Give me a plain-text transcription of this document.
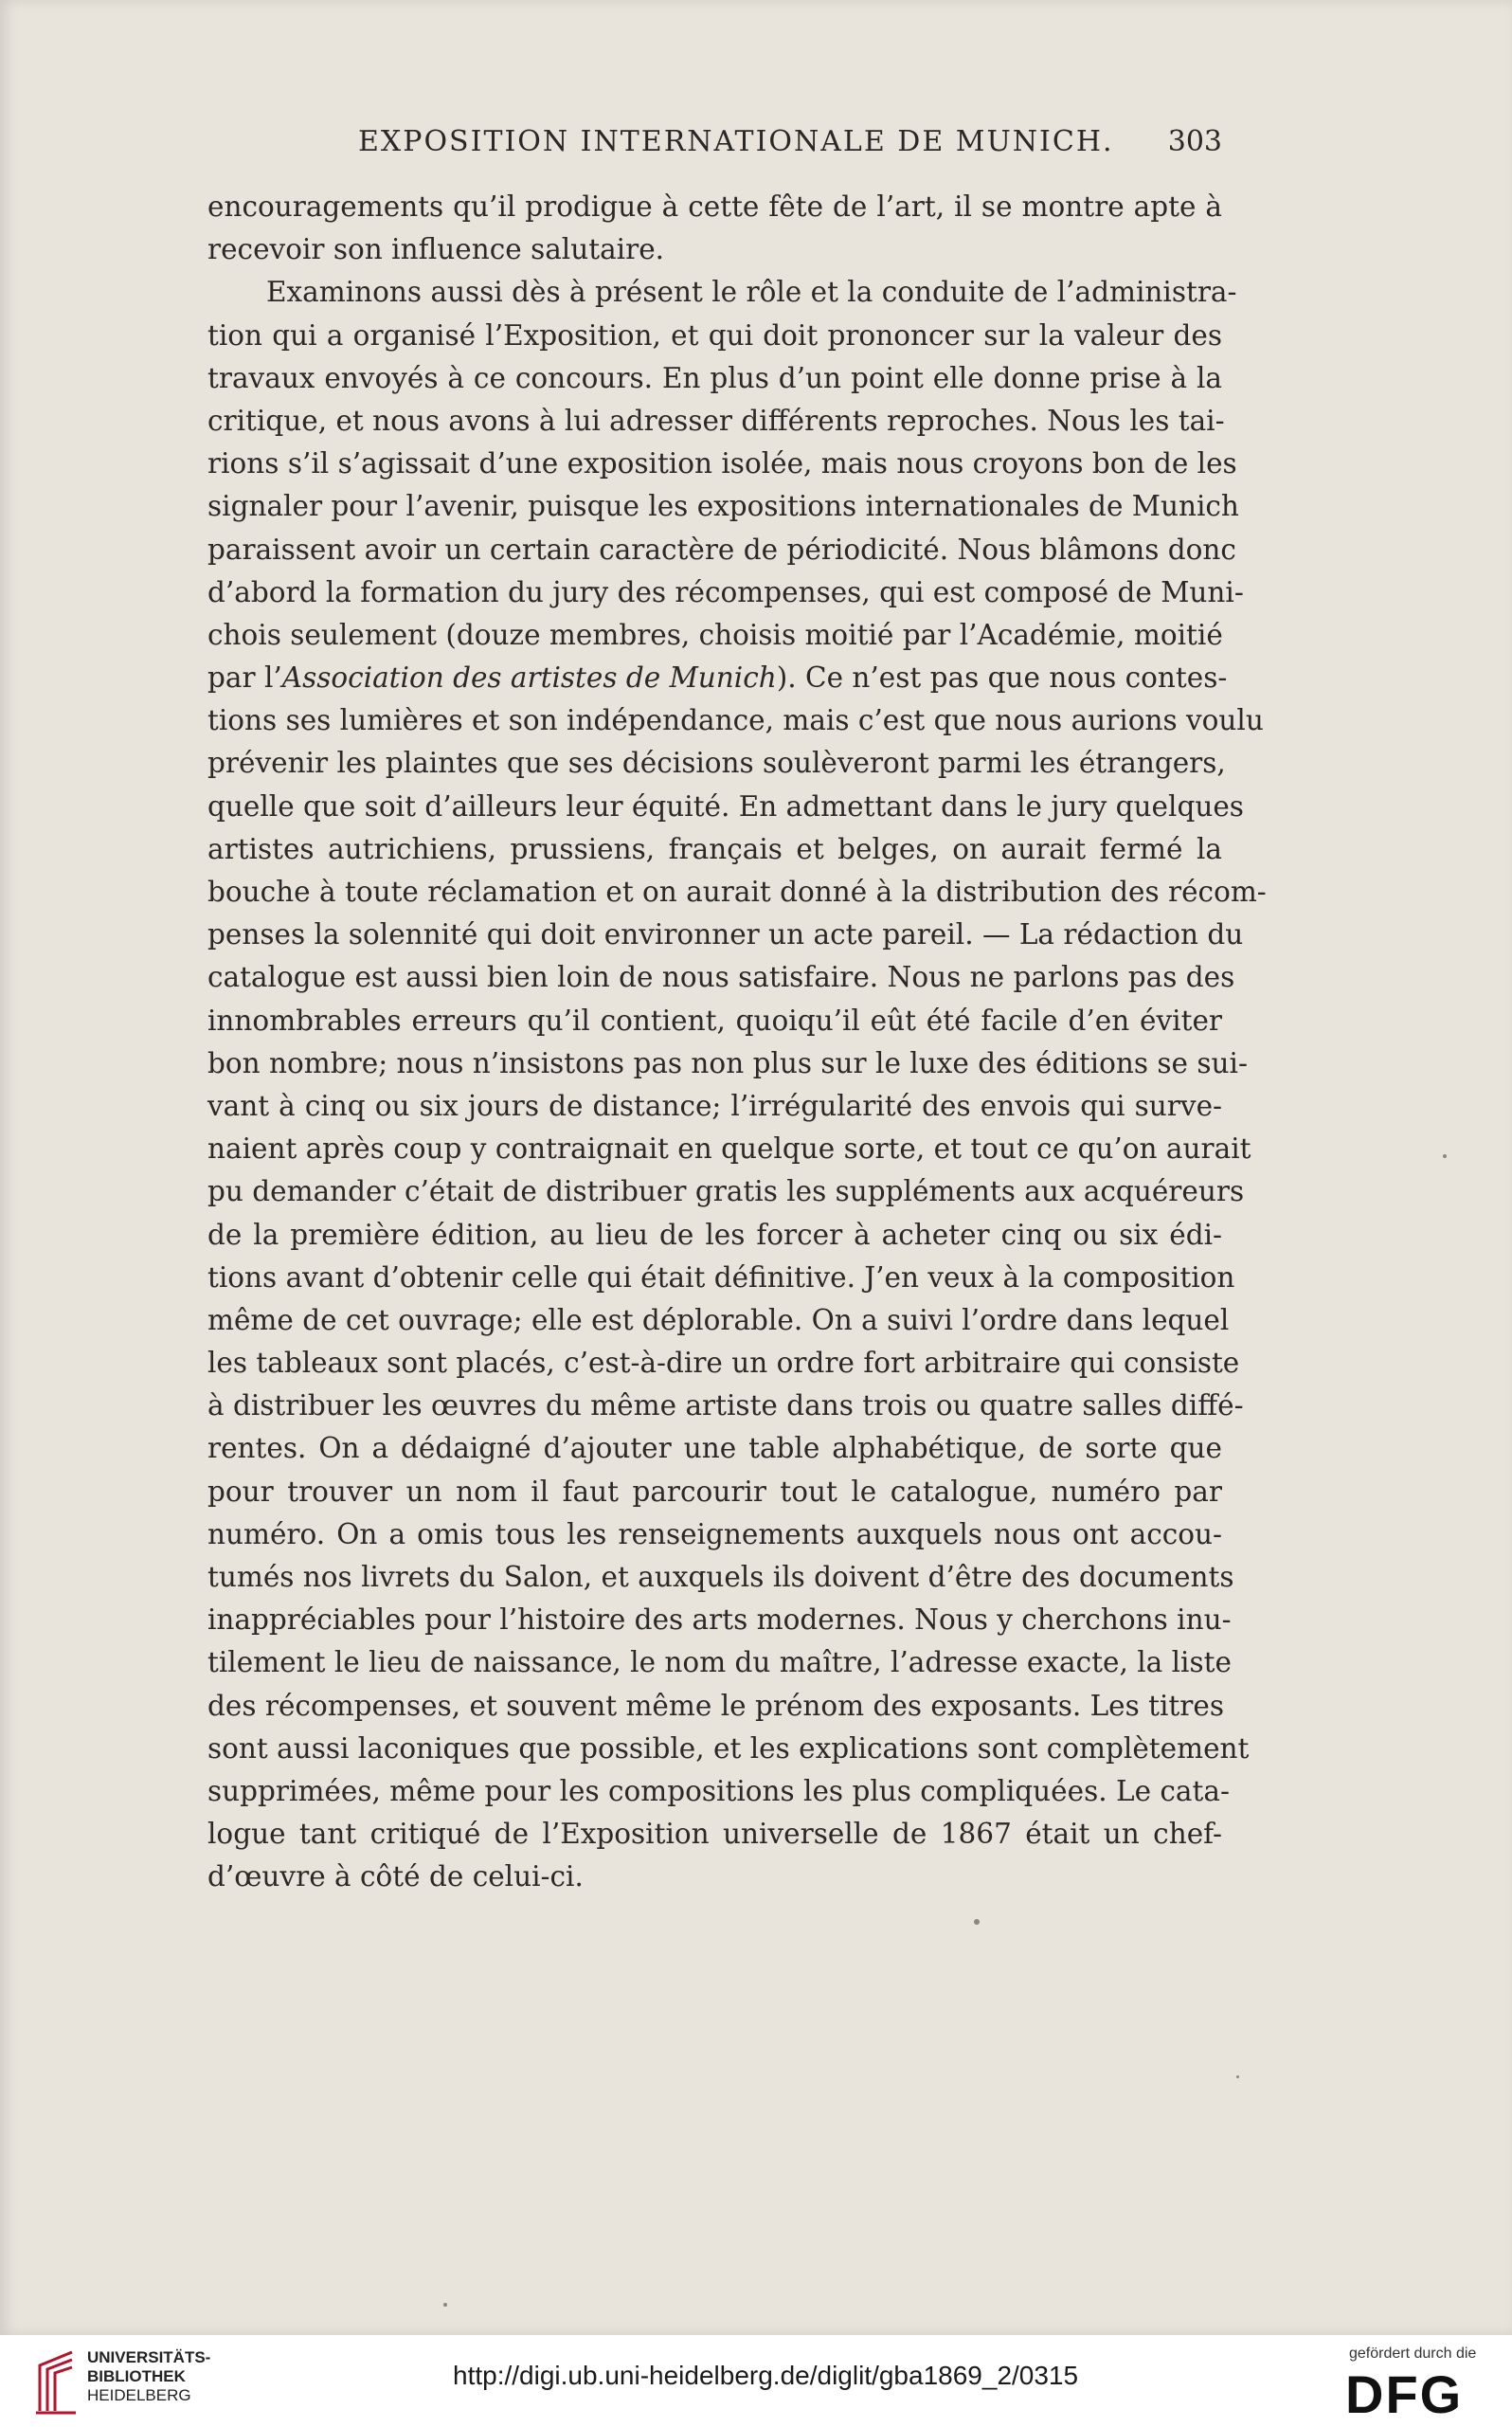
EXPOSITION INTERNATIONALE DE MUNICH. 303
encouragements qu’il prodigue à cette fête de l’art, il se montre apte à
recevoir son influence salutaire.
Examinons aussi dès à présent le rôle et la conduite de l’administra-
tion qui a organisé l’Exposition, et qui doit prononcer sur la valeur des
travaux envoyés à ce concours. En plus d’un point elle donne prise à la
critique, et nous avons à lui adresser différents reproches. Nous les tai-
rions s’il s’agissait d’une exposition isolée, mais nous croyons bon de les
signaler pour l’avenir, puisque les expositions internationales de Munich
paraissent avoir un certain caractère de périodicité. Nous blâmons donc
d’abord la formation du jury des récompenses, qui est composé de Muni-
chois seulement (douze membres, choisis moitié par l’Académie, moitié
par l’Association des artistes de Munich). Ce n’est pas que nous contes-
tions ses lumières et son indépendance, mais c’est que nous aurions voulu
prévenir les plaintes que ses décisions soulèveront parmi les étrangers,
quelle que soit d’ailleurs leur équité. En admettant dans le jury quelques
artistes autrichiens, prussiens, français et belges, on aurait fermé la
bouche à toute réclamation et on aurait donné à la distribution des récom-
penses la solennité qui doit environner un acte pareil. — La rédaction du
catalogue est aussi bien loin de nous satisfaire. Nous ne parlons pas des
innombrables erreurs qu’il contient, quoiqu’il eût été facile d’en éviter
bon nombre; nous n’insistons pas non plus sur le luxe des éditions se sui-
vant à cinq ou six jours de distance; l’irrégularité des envois qui surve-
naient après coup y contraignait en quelque sorte, et tout ce qu’on aurait
pu demander c’était de distribuer gratis les suppléments aux acquéreurs
de la première édition, au lieu de les forcer à acheter cinq ou six édi-
tions avant d’obtenir celle qui était définitive. J’en veux à la composition
même de cet ouvrage; elle est déplorable. On a suivi l’ordre dans lequel
les tableaux sont placés, c’est-à-dire un ordre fort arbitraire qui consiste
à distribuer les œuvres du même artiste dans trois ou quatre salles diffé-
rentes. On a dédaigné d’ajouter une table alphabétique, de sorte que
pour trouver un nom il faut parcourir tout le catalogue, numéro par
numéro. On a omis tous les renseignements auxquels nous ont accou-
tumés nos livrets du Salon, et auxquels ils doivent d’être des documents
inappréciables pour l’histoire des arts modernes. Nous y cherchons inu-
tilement le lieu de naissance, le nom du maître, l’adresse exacte, la liste
des récompenses, et souvent même le prénom des exposants. Les titres
sont aussi laconiques que possible, et les explications sont complètement
supprimées, même pour les compositions les plus compliquées. Le cata-
logue tant critiqué de l’Exposition universelle de 1867 était un chef-
d’œuvre à côté de celui-ci.
UNIVERSITÄTS-
BIBLIOTHEK
HEIDELBERG
http://digi.ub.uni-heidelberg.de/diglit/gba1869_2/0315
gefördert durch die
DFG
